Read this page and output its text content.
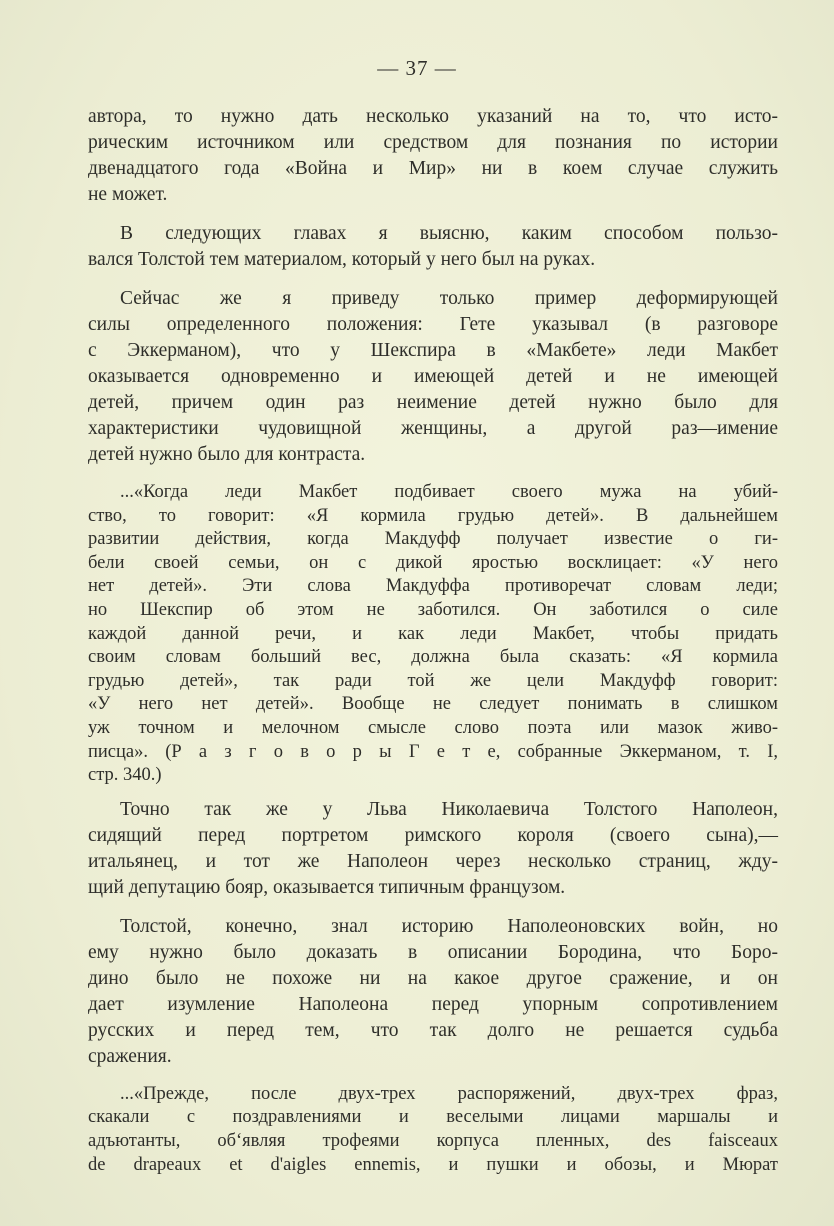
— 37 —
автора, то нужно дать несколько указаний на то, что исто-
рическим источником или средством для познания по истории
двенадцатого года «Война и Мир» ни в коем случае служить
не может.
В следующих главах я выясню, каким способом пользо-
вался Толстой тем материалом, который у него был на руках.
Сейчас же я приведу только пример деформирующей
силы определенного положения: Гете указывал (в разговоре
с Эккерманом), что у Шекспира в «Макбете» леди Макбет
оказывается одновременно и имеющей детей и не имеющей
детей, причем один раз неимение детей нужно было для
характеристики чудовищной женщины, а другой раз—имение
детей нужно было для контраста.
...«Когда леди Макбет подбивает своего мужа на убий-
ство, то говорит: «Я кормила грудью детей». В дальнейшем
развитии действия, когда Макдуфф получает известие о ги-
бели своей семьи, он с дикой яростью восклицает: «У него
нет детей». Эти слова Макдуффа противоречат словам леди;
но Шекспир об этом не заботился. Он заботился о силе
каждой данной речи, и как леди Макбет, чтобы придать
своим словам больший вес, должна была сказать: «Я кормила
грудью детей», так ради той же цели Макдуфф говорит:
«У него нет детей». Вообще не следует понимать в слишком
уж точном и мелочном смысле слово поэта или мазок живо-
писца». (Р а з г о в о р ы Г е т е, собранные Эккерманом, т. I,
стр. 340.)
Точно так же у Льва Николаевича Толстого Наполеон,
сидящий перед портретом римского короля (своего сына),—
итальянец, и тот же Наполеон через несколько страниц, жду-
щий депутацию бояр, оказывается типичным французом.
Толстой, конечно, знал историю Наполеоновских войн, но
ему нужно было доказать в описании Бородина, что Боро-
дино было не похоже ни на какое другое сражение, и он
дает изумление Наполеона перед упорным сопротивлением
русских и перед тем, что так долго не решается судьба
сражения.
...«Прежде, после двух-трех распоряжений, двух-трех фраз,
скакали с поздравлениями и веселыми лицами маршалы и
адъютанты, об‘являя трофеями корпуса пленных, des faisceaux
de drapeaux et d'aigles ennemis, и пушки и обозы, и Мюрат
